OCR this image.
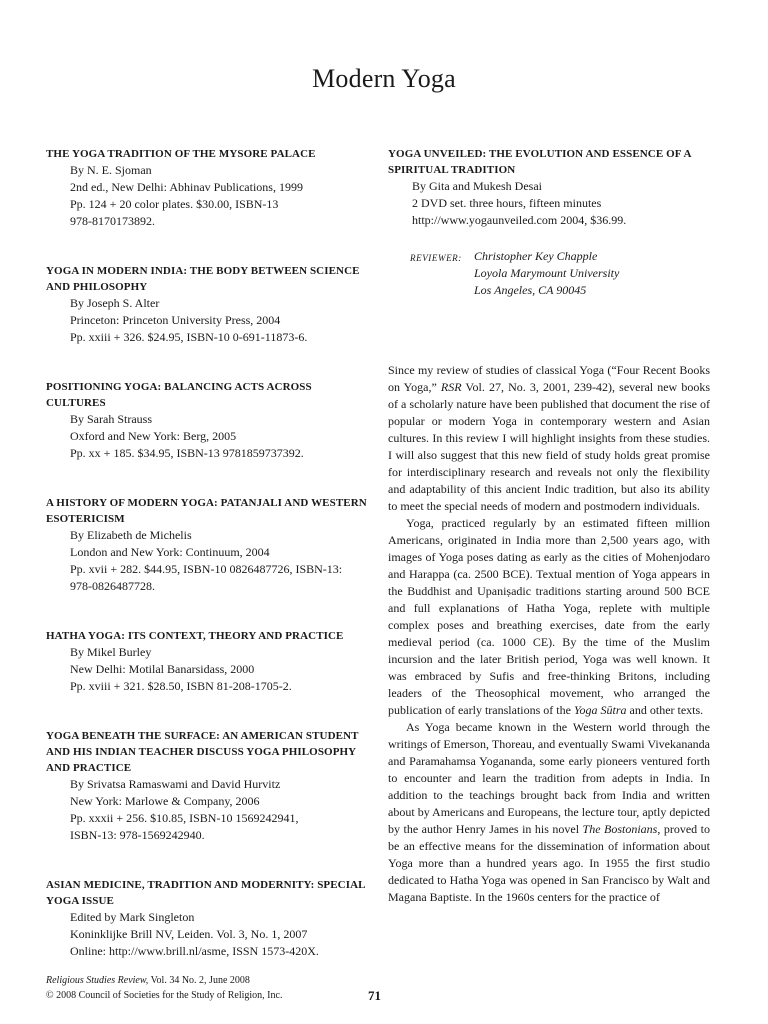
Modern Yoga
THE YOGA TRADITION OF THE MYSORE PALACE
By N. E. Sjoman
2nd ed., New Delhi: Abhinav Publications, 1999
Pp. 124 + 20 color plates. $30.00, ISBN-13
978-8170173892.
YOGA IN MODERN INDIA: THE BODY BETWEEN SCIENCE AND PHILOSOPHY
By Joseph S. Alter
Princeton: Princeton University Press, 2004
Pp. xxiii + 326. $24.95, ISBN-10 0-691-11873-6.
POSITIONING YOGA: BALANCING ACTS ACROSS CULTURES
By Sarah Strauss
Oxford and New York: Berg, 2005
Pp. xx + 185. $34.95, ISBN-13 9781859737392.
A HISTORY OF MODERN YOGA: PATANJALI AND WESTERN ESOTERICISM
By Elizabeth de Michelis
London and New York: Continuum, 2004
Pp. xvii + 282. $44.95, ISBN-10 0826487726, ISBN-13:
978-0826487728.
HATHA YOGA: ITS CONTEXT, THEORY AND PRACTICE
By Mikel Burley
New Delhi: Motilal Banarsidass, 2000
Pp. xviii + 321. $28.50, ISBN 81-208-1705-2.
YOGA BENEATH THE SURFACE: AN AMERICAN STUDENT AND HIS INDIAN TEACHER DISCUSS YOGA PHILOSOPHY AND PRACTICE
By Srivatsa Ramaswami and David Hurvitz
New York: Marlowe & Company, 2006
Pp. xxxii + 256. $10.85, ISBN-10 1569242941,
ISBN-13: 978-1569242940.
ASIAN MEDICINE, TRADITION AND MODERNITY: SPECIAL YOGA ISSUE
Edited by Mark Singleton
Koninklijke Brill NV, Leiden. Vol. 3, No. 1, 2007
Online: http://www.brill.nl/asme, ISSN 1573-420X.
YOGA UNVEILED: THE EVOLUTION AND ESSENCE OF A SPIRITUAL TRADITION
By Gita and Mukesh Desai
2 DVD set. three hours, fifteen minutes
http://www.yogaunveiled.com 2004, $36.99.
REVIEWER:	Christopher Key Chapple
Loyola Marymount University
Los Angeles, CA 90045

Since my review of studies of classical Yoga (“Four Recent Books on Yoga,” RSR Vol. 27, No. 3, 2001, 239-42), several new books of a scholarly nature have been published that document the rise of popular or modern Yoga in contemporary western and Asian cultures. In this review I will highlight insights from these studies. I will also suggest that this new field of study holds great promise for interdisciplinary research and reveals not only the flexibility and adaptability of this ancient Indic tradition, but also its ability to meet the special needs of modern and postmodern individuals.

Yoga, practiced regularly by an estimated fifteen million Americans, originated in India more than 2,500 years ago, with images of Yoga poses dating as early as the cities of Mohenjodaro and Harappa (ca. 2500 BCE). Textual mention of Yoga appears in the Buddhist and Upaniṣadic traditions starting around 500 BCE and full explanations of Hatha Yoga, replete with multiple complex poses and breathing exercises, date from the early medieval period (ca. 1000 CE). By the time of the Muslim incursion and the later British period, Yoga was well known. It was embraced by Sufis and free-thinking Britons, including leaders of the Theosophical movement, who arranged the publication of early translations of the Yoga Sūtra and other texts.

As Yoga became known in the Western world through the writings of Emerson, Thoreau, and eventually Swami Vivekananda and Paramahamsa Yogananda, some early pioneers ventured forth to encounter and learn the tradition from adepts in India. In addition to the teachings brought back from India and written about by Americans and Europeans, the lecture tour, aptly depicted by the author Henry James in his novel The Bostonians, proved to be an effective means for the dissemination of information about Yoga more than a hundred years ago. In 1955 the first studio dedicated to Hatha Yoga was opened in San Francisco by Walt and Magana Baptiste. In the 1960s centers for the practice of

Religious Studies Review, Vol. 34 No. 2, June 2008
© 2008 Council of Societies for the Study of Religion, Inc.	71
